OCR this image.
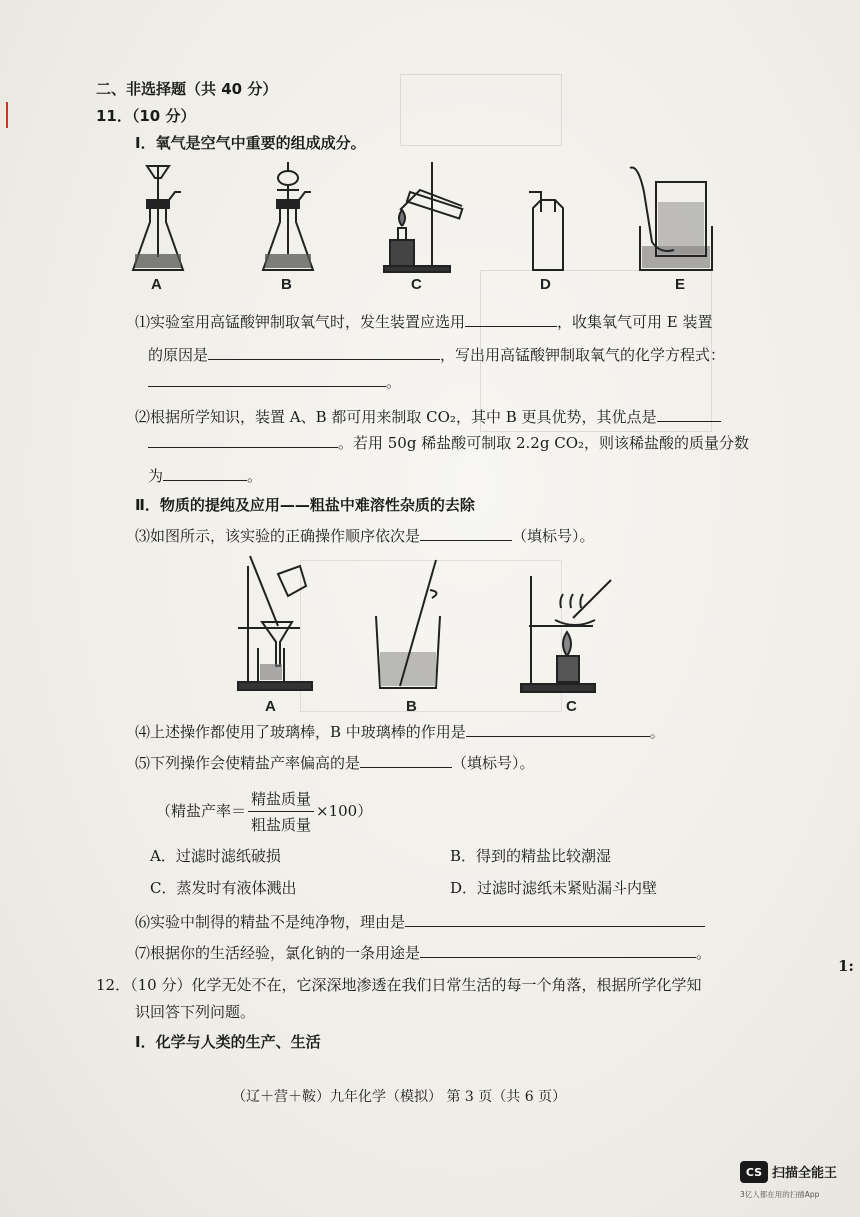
二、非选择题（共 40 分）
11．（10 分）
Ⅰ．氧气是空气中重要的组成成分。
A	B	C	D	E
⑴实验室用高锰酸钾制取氧气时，发生装置应选用	，收集氧气可用 E 装置
的原因是	，写出用高锰酸钾制取氧气的化学方程式：
。
⑵根据所学知识，装置 A、B 都可用来制取 CO₂，其中 B 更具优势，其优点是
。若用 50g 稀盐酸可制取 2.2g CO₂，则该稀盐酸的质量分数
为	。
Ⅱ．物质的提纯及应用——粗盐中难溶性杂质的去除
⑶如图所示，该实验的正确操作顺序依次是	（填标号）。
A	B	C
⑷上述操作都使用了玻璃棒，B 中玻璃棒的作用是	。
⑸下列操作会使精盐产率偏高的是	（填标号）。
（精盐产率＝ $\frac{\text{精盐质量}}{\text{粗盐质量}} \times 100$）
A．过滤时滤纸破损	B．得到的精盐比较潮湿
C．蒸发时有液体溅出	D．过滤时滤纸未紧贴漏斗内壁
⑹实验中制得的精盐不是纯净物，理由是
⑺根据你的生活经验，氯化钠的一条用途是	。
1:
12．（10 分）化学无处不在，它深深地渗透在我们日常生活的每一个角落，根据所学化学知
识回答下列问题。
Ⅰ．化学与人类的生产、生活
（辽＋营＋鞍）九年化学（模拟） 第 3 页（共 6 页）
CS 扫描全能王
3亿人都在用的扫描App
